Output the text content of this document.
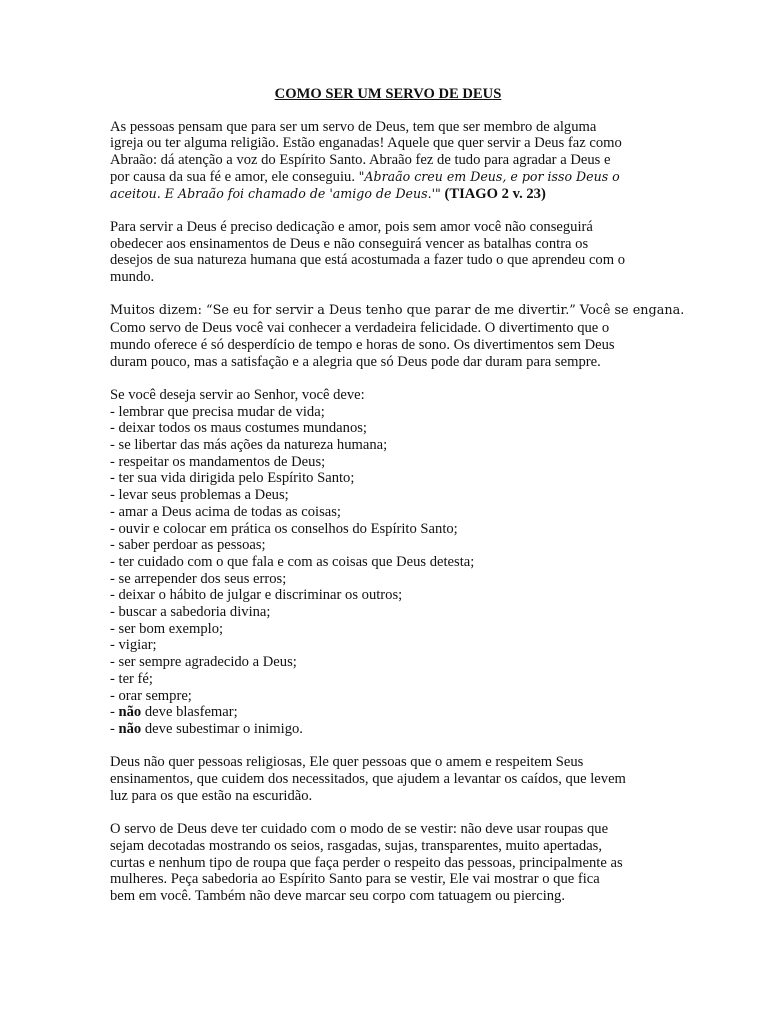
COMO SER UM SERVO DE DEUS
As pessoas pensam que para ser um servo de Deus, tem que ser membro de alguma
igreja ou ter alguma religião. Estão enganadas! Aquele que quer servir a Deus faz como
Abraão: dá atenção a voz do Espírito Santo. Abraão fez de tudo para agradar a Deus e
por causa da sua fé e amor, ele conseguiu. "Abraão creu em Deus, e por isso Deus o
aceitou. E Abraão foi chamado de 'amigo de Deus.'" (TIAGO 2 v. 23)
Para servir a Deus é preciso dedicação e amor, pois sem amor você não conseguirá
obedecer aos ensinamentos de Deus e não conseguirá vencer as batalhas contra os
desejos de sua natureza humana que está acostumada a fazer tudo o que aprendeu com o
mundo.
Muitos dizem: “Se eu for servir a Deus tenho que parar de me divertir.” Você se engana.
Como servo de Deus você vai conhecer a verdadeira felicidade. O divertimento que o
mundo oferece é só desperdício de tempo e horas de sono. Os divertimentos sem Deus
duram pouco, mas a satisfação e a alegria que só Deus pode dar duram para sempre.
Se você deseja servir ao Senhor, você deve:
- lembrar que precisa mudar de vida;
- deixar todos os maus costumes mundanos;
- se libertar das más ações da natureza humana;
- respeitar os mandamentos de Deus;
- ter sua vida dirigida pelo Espírito Santo;
- levar seus problemas a Deus;
- amar a Deus acima de todas as coisas;
- ouvir e colocar em prática os conselhos do Espírito Santo;
- saber perdoar as pessoas;
- ter cuidado com o que fala e com as coisas que Deus detesta;
- se arrepender dos seus erros;
- deixar o hábito de julgar e discriminar os outros;
- buscar a sabedoria divina;
- ser bom exemplo;
- vigiar;
- ser sempre agradecido a Deus;
- ter fé;
- orar sempre;
- não deve blasfemar;
- não deve subestimar o inimigo.
Deus não quer pessoas religiosas, Ele quer pessoas que o amem e respeitem Seus
ensinamentos, que cuidem dos necessitados, que ajudem a levantar os caídos, que levem
luz para os que estão na escuridão.
O servo de Deus deve ter cuidado com o modo de se vestir: não deve usar roupas que
sejam decotadas mostrando os seios, rasgadas, sujas, transparentes, muito apertadas,
curtas e nenhum tipo de roupa que faça perder o respeito das pessoas, principalmente as
mulheres. Peça sabedoria ao Espírito Santo para se vestir, Ele vai mostrar o que fica
bem em você. Também não deve marcar seu corpo com tatuagem ou piercing.
